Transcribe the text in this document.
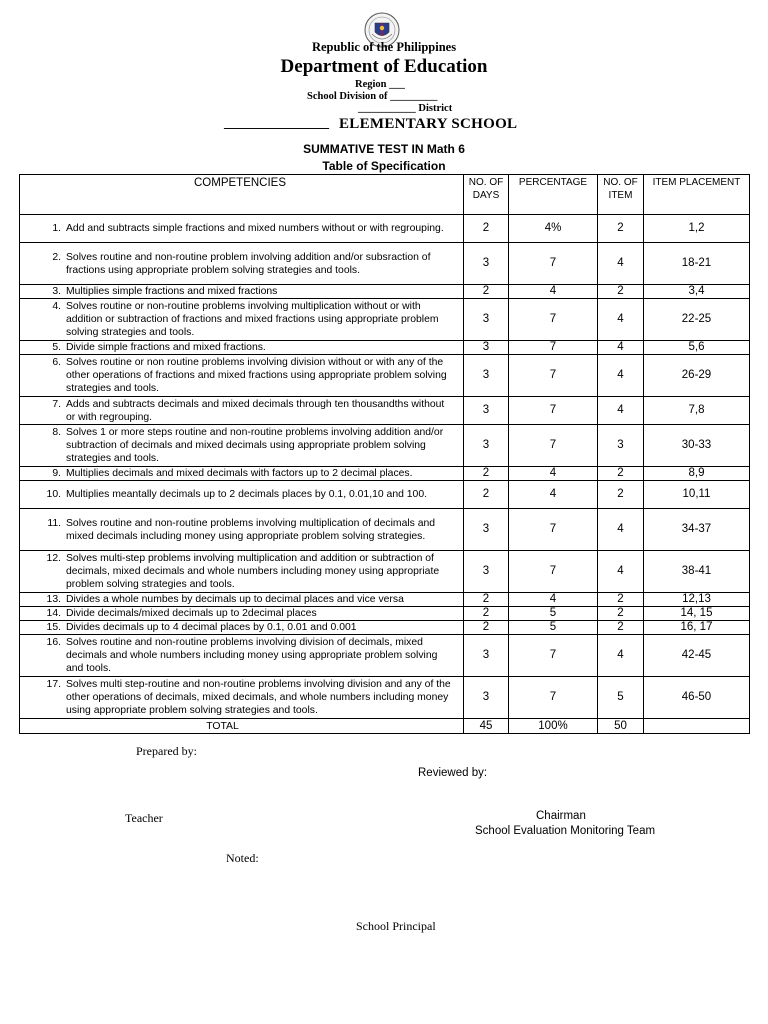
Republic of the Philippines
Department of Education
Region ___
School Division of _________
___________ District
_______________ ELEMENTARY SCHOOL
SUMMATIVE TEST IN Math 6
Table of Specification
COMPETENCIES	NO. OF DAYS	PERCENTAGE	NO. OF ITEM	ITEM PLACEMENT
1. Add and subtracts simple fractions and mixed numbers without or with regrouping.	2	4%	2	1,2
2. Solves routine and non-routine problem involving addition and/or subsraction of fractions using appropriate problem solving strategies and tools.	3	7	4	18-21
3. Multiplies simple fractions and mixed fractions	2	4	2	3,4
4. Solves routine or non-routine problems involving multiplication without or with addition or subtraction of fractions and mixed fractions using appropriate problem solving strategies and tools.	3	7	4	22-25
5. Divide simple fractions and mixed fractions.	3	7	4	5,6
6. Solves routine or non routine problems involving division without or with any of the other operations of fractions and mixed fractions using appropriate problem solving strategies and tools.	3	7	4	26-29
7. Adds and subtracts decimals and mixed decimals through ten thousandths without or with regrouping.	3	7	4	7,8
8. Solves 1 or more steps routine and non-routine problems involving addition and/or subtraction of decimals and mixed decimals using appropriate problem solving strategies and tools.	3	7	3	30-33
9. Multiplies decimals and mixed decimals with factors up to 2 decimal places.	2	4	2	8,9
10. Multiplies meantally decimals up to 2 decimals places by 0.1, 0.01,10 and 100.	2	4	2	10,11
11. Solves routine and non-routine problems involving multiplication of decimals and mixed decimals including money using appropriate problem solving strategies.	3	7	4	34-37
12. Solves multi-step problems involving multiplication and addition or subtraction of decimals, mixed decimals and whole numbers including money using appropriate problem solving strategies and tools.	3	7	4	38-41
13. Divides a whole numbes by decimals up to decimal places and vice versa	2	4	2	12,13
14. Divide decimals/mixed decimals up to 2decimal places	2	5	2	14, 15
15. Divides decimals up to 4 decimal places by 0.1, 0.01 and 0.001	2	5	2	16, 17
16. Solves routine and non-routine problems involving division of decimals, mixed decimals and whole numbers including money using appropriate problem solving and tools.	3	7	4	42-45
17. Solves multi step-routine and non-routine problems involving division and any of the other operations of decimals, mixed decimals, and whole numbers including money using appropriate problem solving strategies and tools.	3	7	5	46-50
TOTAL	45	100%	50	
Prepared by:
Reviewed by:
Teacher	Chairman
School Evaluation Monitoring Team
Noted:
School Principal
